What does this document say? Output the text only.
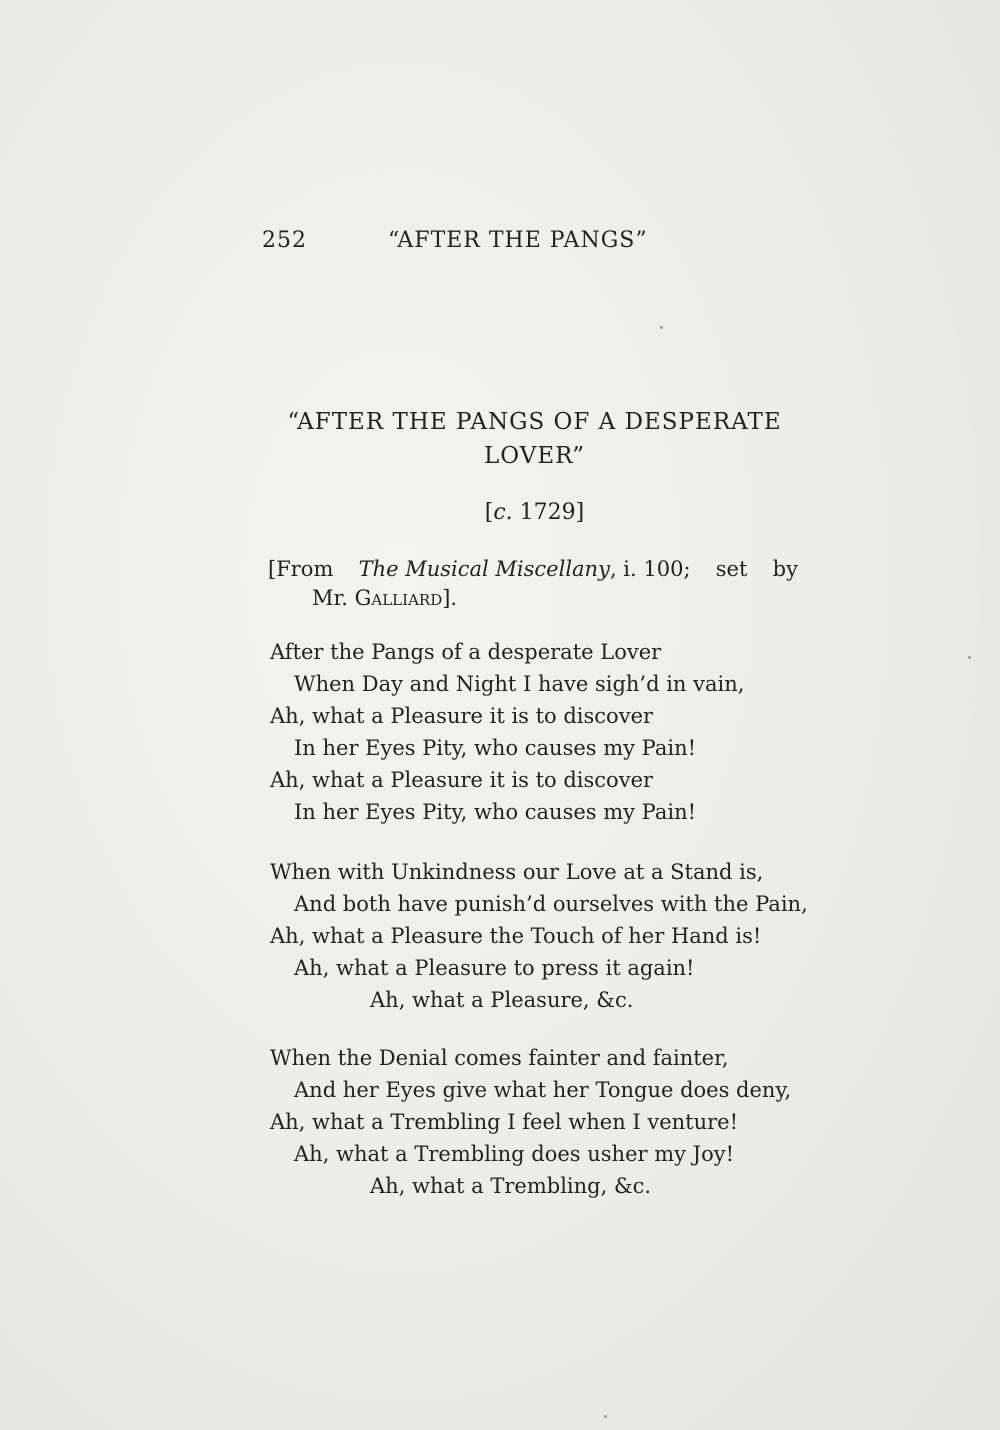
252	“AFTER THE PANGS”
“AFTER THE PANGS OF A DESPERATE
LOVER”
[c. 1729]
[From The Musical Miscellany, i. 100; set by
Mr. Galliard].
After the Pangs of a desperate Lover
When Day and Night I have sigh’d in vain,
Ah, what a Pleasure it is to discover
In her Eyes Pity, who causes my Pain!
Ah, what a Pleasure it is to discover
In her Eyes Pity, who causes my Pain!
When with Unkindness our Love at a Stand is,
And both have punish’d ourselves with the Pain,
Ah, what a Pleasure the Touch of her Hand is!
Ah, what a Pleasure to press it again!
Ah, what a Pleasure, &c.
When the Denial comes fainter and fainter,
And her Eyes give what her Tongue does deny,
Ah, what a Trembling I feel when I venture!
Ah, what a Trembling does usher my Joy!
Ah, what a Trembling, &c.
